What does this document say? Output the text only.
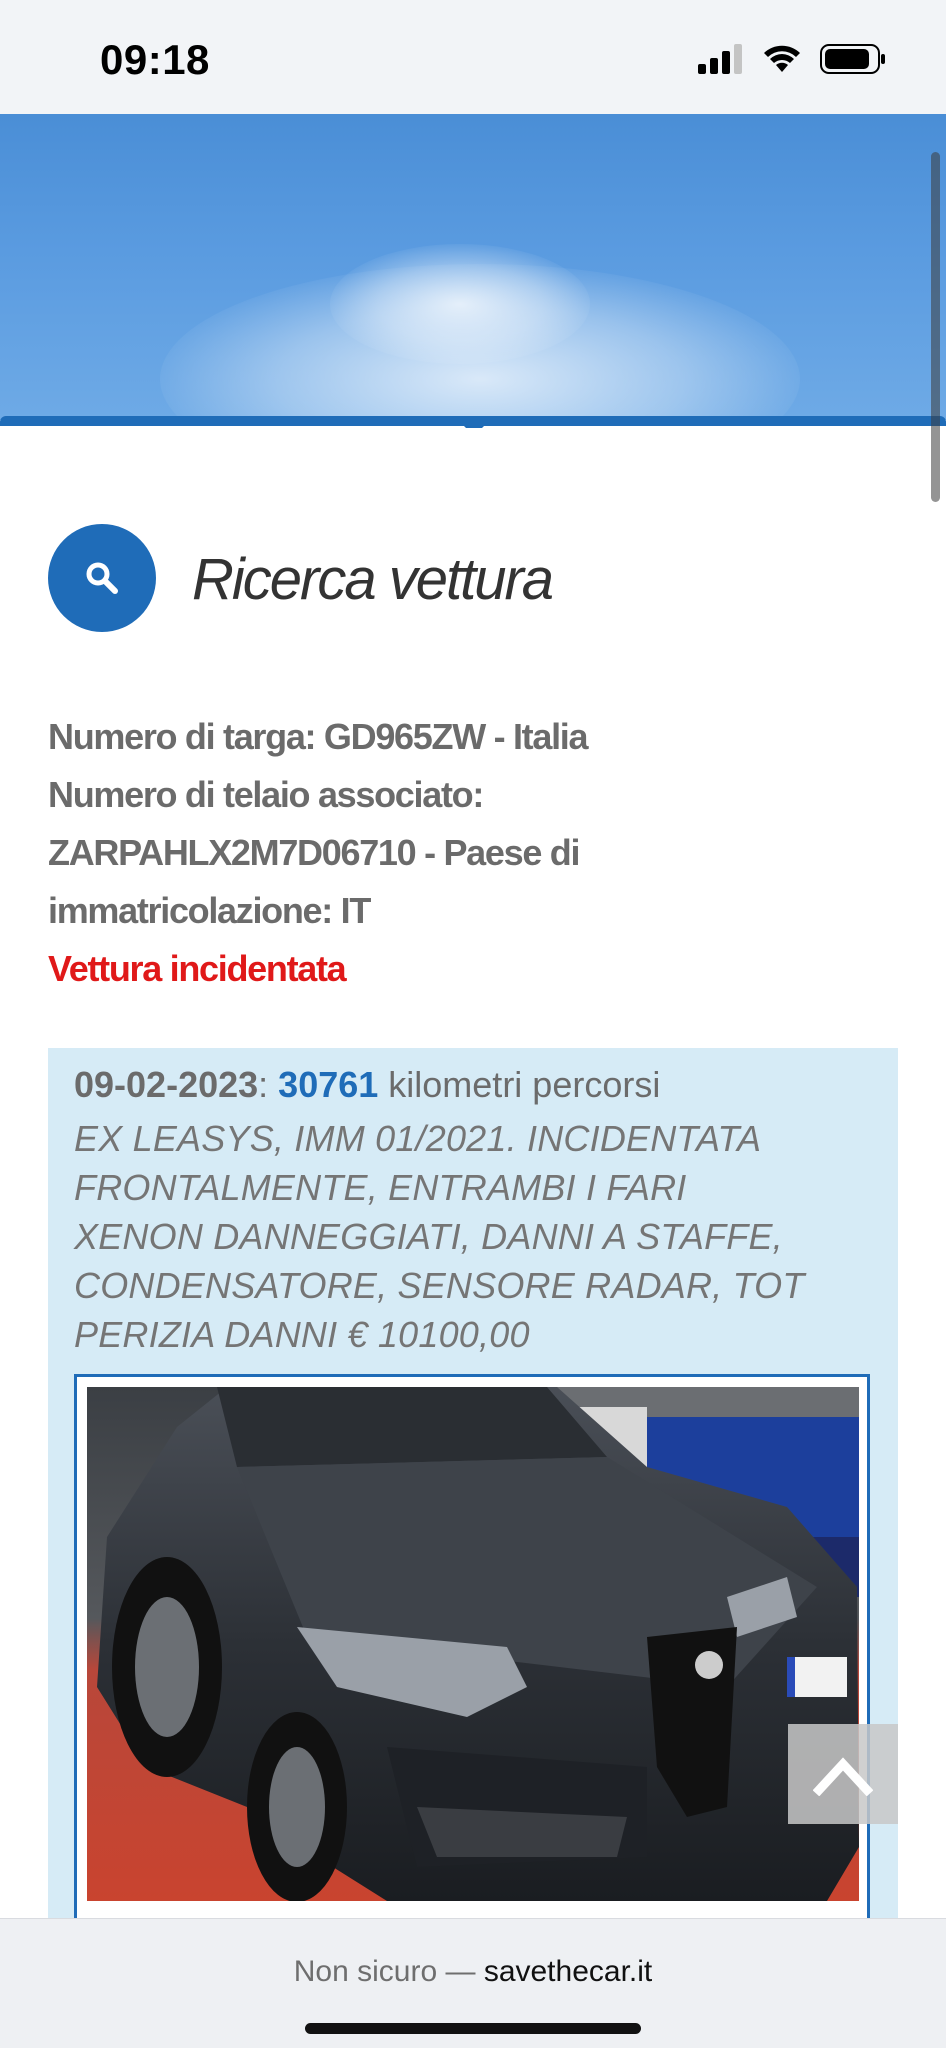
09:18
Ricerca vettura
Numero di targa: GD965ZW - Italia
Numero di telaio associato:
ZARPAHLX2M7D06710 - Paese di
immatricolazione: IT
Vettura incidentata
09-02-2023: 30761 kilometri percorsi
EX LEASYS, IMM 01/2021. INCIDENTATA
FRONTALMENTE, ENTRAMBI I FARI
XENON DANNEGGIATI, DANNI A STAFFE,
CONDENSATORE, SENSORE RADAR, TOT
PERIZIA DANNI € 10100,00
Non sicuro — savethecar.it
